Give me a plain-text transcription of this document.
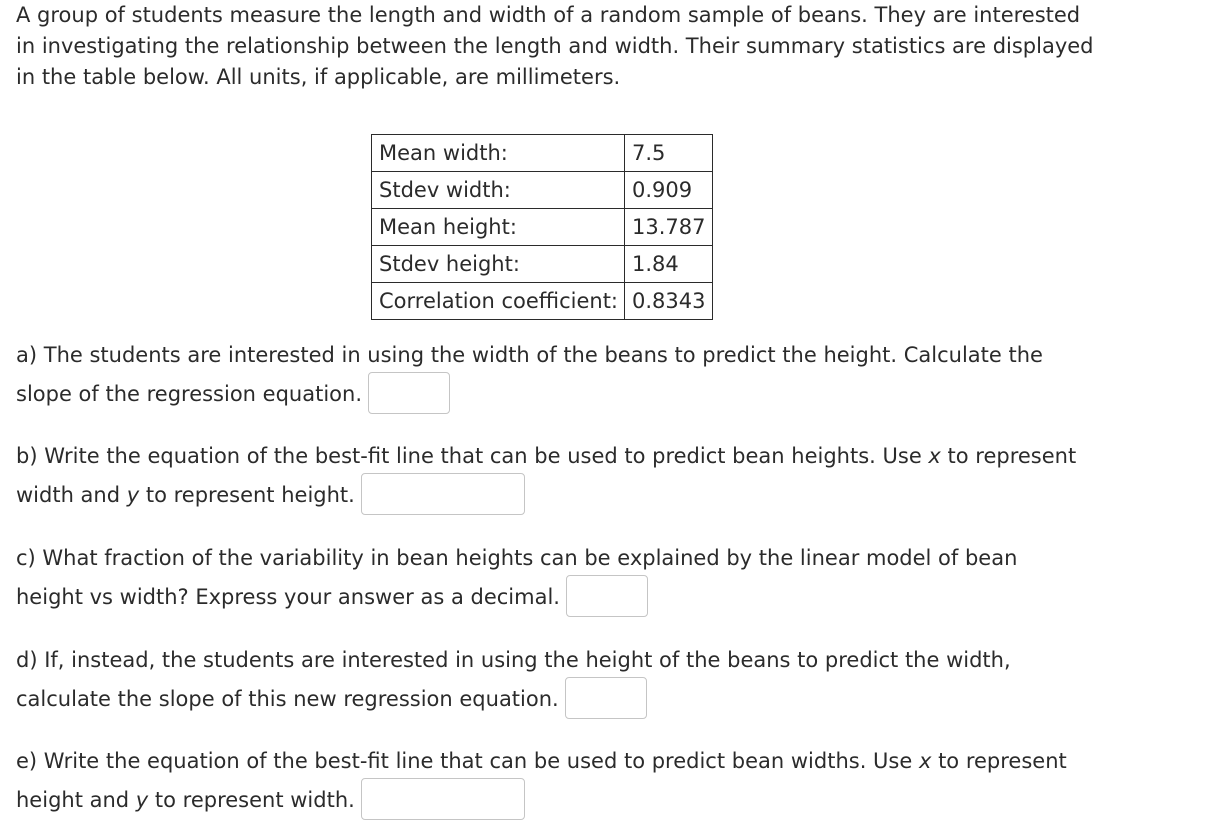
A group of students measure the length and width of a random sample of beans. They are interested in investigating the relationship between the length and width. Their summary statistics are displayed in the table below. All units, if applicable, are millimeters.

Mean width:	7.5
Stdev width:	0.909
Mean height:	13.787
Stdev height:	1.84
Correlation coefficient:	0.8343
a) The students are interested in using the width of the beans to predict the height. Calculate the
slope of the regression equation.
b) Write the equation of the best-fit line that can be used to predict bean heights. Use x to represent
width and y to represent height.
c) What fraction of the variability in bean heights can be explained by the linear model of bean
height vs width? Express your answer as a decimal.
d) If, instead, the students are interested in using the height of the beans to predict the width,
calculate the slope of this new regression equation.
e) Write the equation of the best-fit line that can be used to predict bean widths. Use x to represent
height and y to represent width.
